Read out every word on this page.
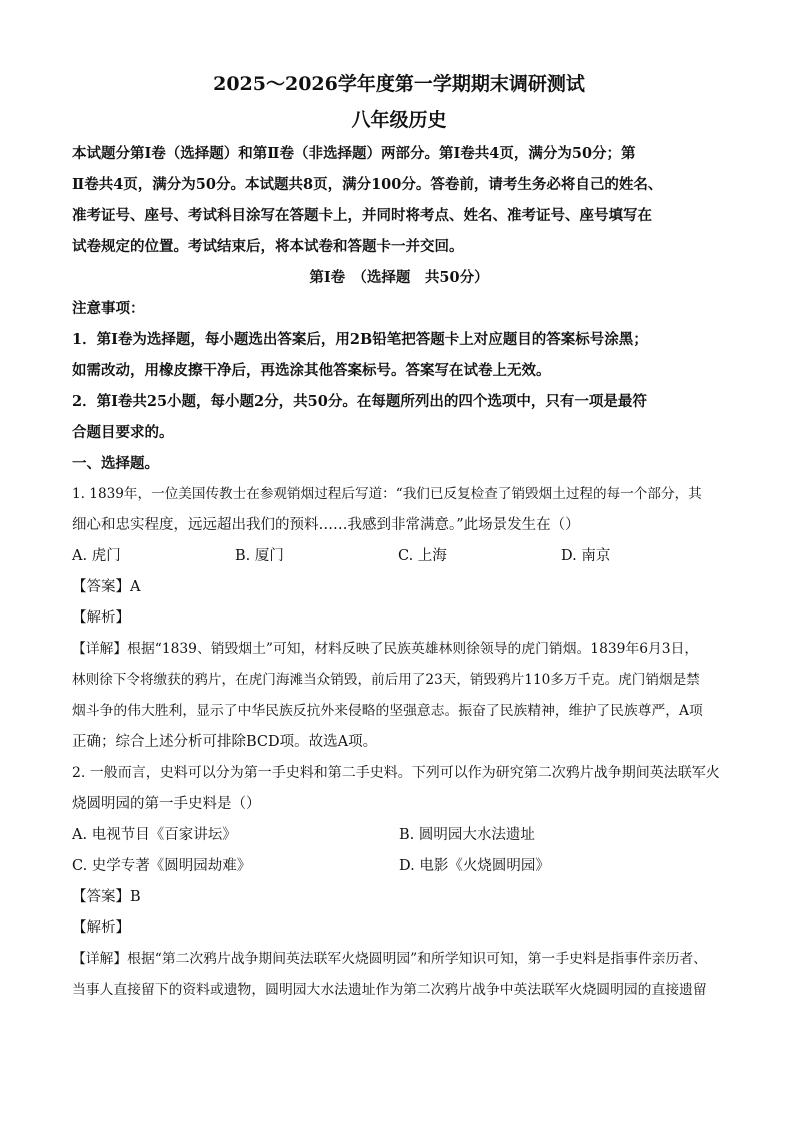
2025～2026学年度第一学期期末调研测试
八年级历史

本试题分第Ⅰ卷（选择题）和第Ⅱ卷（非选择题）两部分。第Ⅰ卷共4页，满分为50分；第

Ⅱ卷共4页，满分为50分。本试题共8页，满分100分。答卷前，请考生务必将自己的姓名、

准考证号、座号、考试科目涂写在答题卡上，并同时将考点、姓名、准考证号、座号填写在

试卷规定的位置。考试结束后，将本试卷和答题卡一并交回。

第Ⅰ卷　（选择题　共50分）

注意事项：

1．第Ⅰ卷为选择题，每小题选出答案后，用2B铅笔把答题卡上对应题目的答案标号涂黑；

如需改动，用橡皮擦干净后，再选涂其他答案标号。答案写在试卷上无效。

2．第Ⅰ卷共25小题，每小题2分，共50分。在每题所列出的四个选项中，只有一项是最符

合题目要求的。

一、选择题。

1. 1839年，一位美国传教士在参观销烟过程后写道：“我们已反复检查了销毁烟土过程的每一个部分，其

细心和忠实程度，远远超出我们的预料……我感到非常满意。”此场景发生在（）

A. 虎门	B. 厦门	C. 上海	D. 南京

【答案】A

【解析】

【详解】根据“1839、销毁烟土”可知，材料反映了民族英雄林则徐领导的虎门销烟。1839年6月3日，

林则徐下令将缴获的鸦片，在虎门海滩当众销毁，前后用了23天，销毁鸦片110多万千克。虎门销烟是禁

烟斗争的伟大胜利，显示了中华民族反抗外来侵略的坚强意志。振奋了民族精神，维护了民族尊严，A项

正确；综合上述分析可排除BCD项。故选A项。

2. 一般而言，史料可以分为第一手史料和第二手史料。下列可以作为研究第二次鸦片战争期间英法联军火

烧圆明园的第一手史料是（）

A. 电视节目《百家讲坛》	B. 圆明园大水法遗址
C. 史学专著《圆明园劫难》	D. 电影《火烧圆明园》

【答案】B

【解析】

【详解】根据“第二次鸦片战争期间英法联军火烧圆明园”和所学知识可知，第一手史料是指事件亲历者、

当事人直接留下的资料或遗物，圆明园大水法遗址作为第二次鸦片战争中英法联军火烧圆明园的直接遗留
